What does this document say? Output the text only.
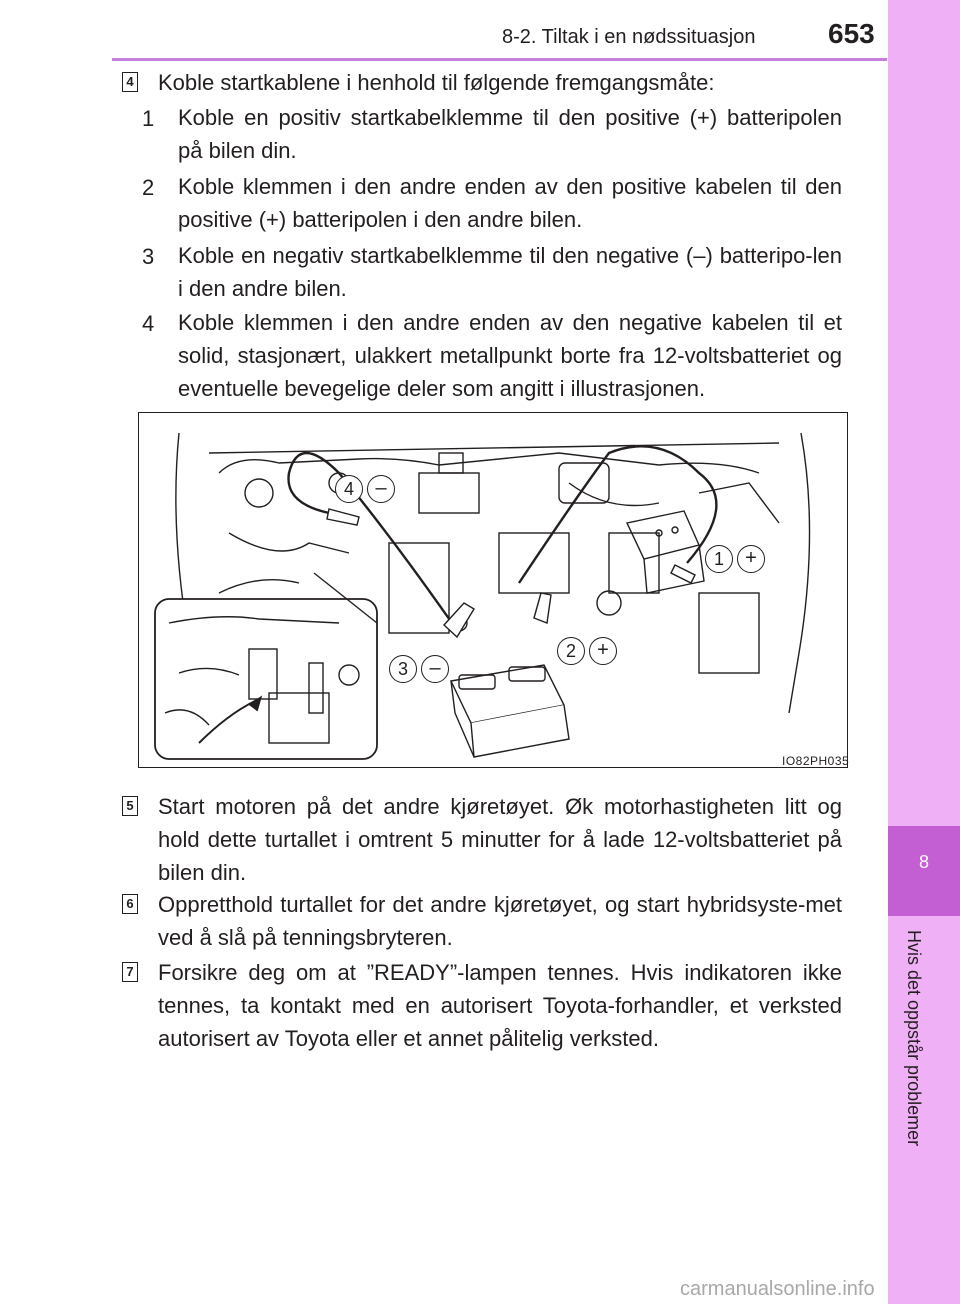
8-2. Tiltak i en nødssituasjon	653
8
Hvis det oppstår problemer
4 Koble startkablene i henhold til følgende fremgangsmåte:
1 Koble en positiv startkabelklemme til den positive (+) batteripolen på bilen din.
2 Koble klemmen i den andre enden av den positive kabelen til den positive (+) batteripolen i den andre bilen.
3 Koble en negativ startkabelklemme til den negative (–) batteripo-len i den andre bilen.
4 Koble klemmen i den andre enden av den negative kabelen til et solid, stasjonært, ulakkert metallpunkt borte fra 12-voltsbatteriet og eventuelle bevegelige deler som angitt i illustrasjonen.
4	–
1	+
2	+
3	–
IO82PH035
5 Start motoren på det andre kjøretøyet. Øk motorhastigheten litt og hold dette turtallet i omtrent 5 minutter for å lade 12-voltsbatteriet på bilen din.
6 Oppretthold turtallet for det andre kjøretøyet, og start hybridsyste-met ved å slå på tenningsbryteren.
7 Forsikre deg om at ”READY”-lampen tennes. Hvis indikatoren ikke tennes, ta kontakt med en autorisert Toyota-forhandler, et verksted autorisert av Toyota eller et annet pålitelig verksted.
carmanualsonline.info
